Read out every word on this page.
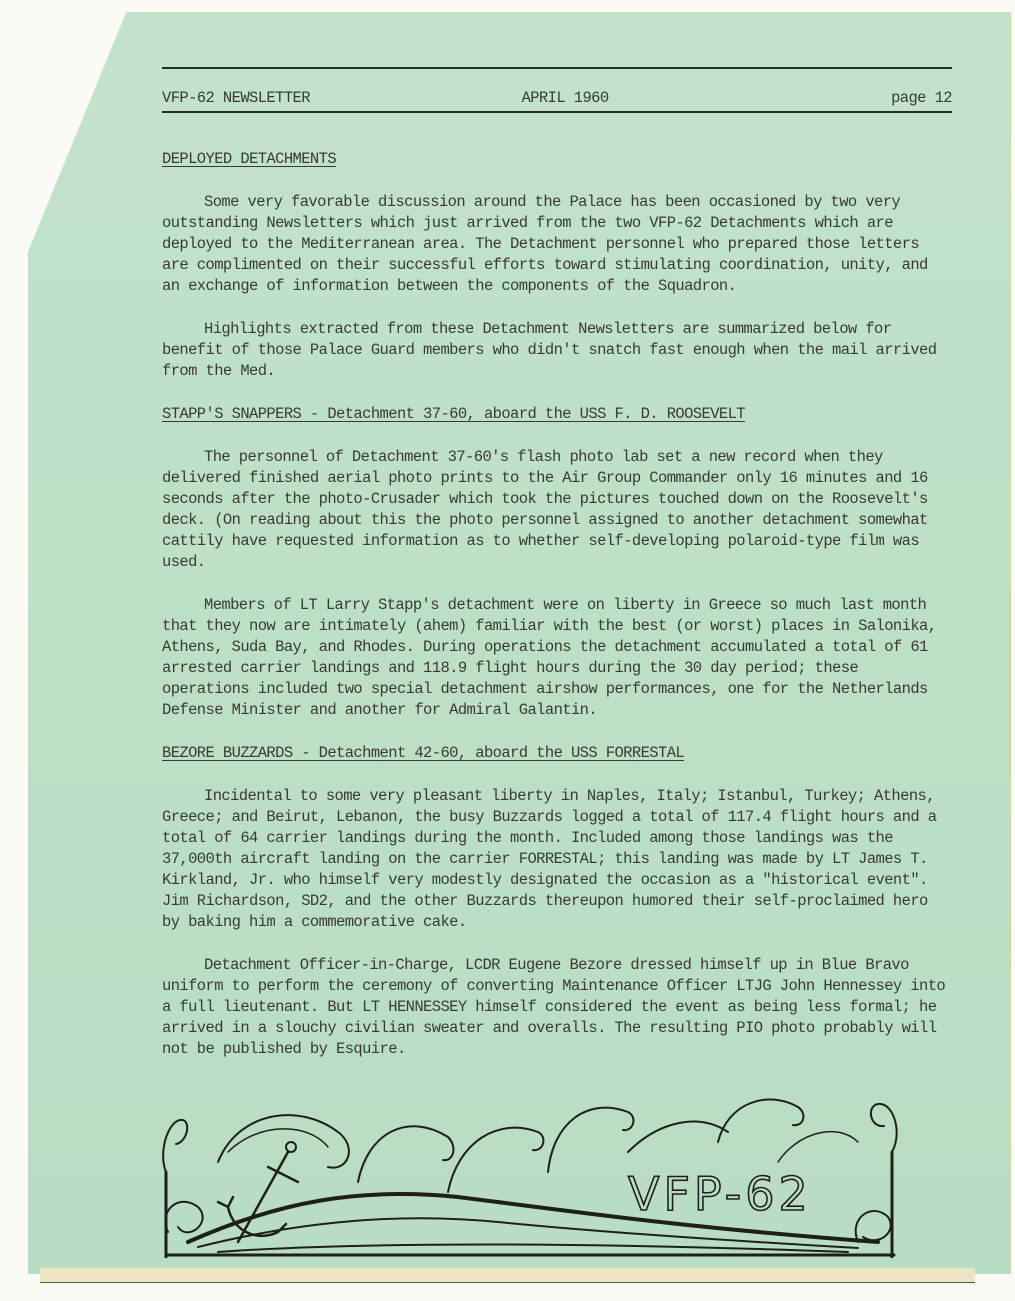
VFP-62 NEWSLETTER	APRIL 1960	page 12

DEPLOYED DETACHMENTS

Some very favorable discussion around the Palace has been occasioned by two very outstanding Newsletters which just arrived from the two VFP-62 Detachments which are deployed to the Mediterranean area. The Detachment personnel who prepared those letters are complimented on their successful efforts toward stimulating coordination, unity, and an exchange of information between the components of the Squadron.

Highlights extracted from these Detachment Newsletters are summarized below for benefit of those Palace Guard members who didn't snatch fast enough when the mail arrived from the Med.

STAPP'S SNAPPERS - Detachment 37-60, aboard the USS F. D. ROOSEVELT

The personnel of Detachment 37-60's flash photo lab set a new record when they delivered finished aerial photo prints to the Air Group Commander only 16 minutes and 16 seconds after the photo-Crusader which took the pictures touched down on the Roosevelt's deck. (On reading about this the photo personnel assigned to another detachment somewhat cattily have requested information as to whether self-developing polaroid-type film was used.

Members of LT Larry Stapp's detachment were on liberty in Greece so much last month that they now are intimately (ahem) familiar with the best (or worst) places in Salonika, Athens, Suda Bay, and Rhodes. During operations the detachment accumulated a total of 61 arrested carrier landings and 118.9 flight hours during the 30 day period; these operations included two special detachment airshow performances, one for the Netherlands Defense Minister and another for Admiral Galantin.

BEZORE BUZZARDS - Detachment 42-60, aboard the USS FORRESTAL

Incidental to some very pleasant liberty in Naples, Italy; Istanbul, Turkey; Athens, Greece; and Beirut, Lebanon, the busy Buzzards logged a total of 117.4 flight hours and a total of 64 carrier landings during the month. Included among those landings was the 37,000th aircraft landing on the carrier FORRESTAL; this landing was made by LT James T. Kirkland, Jr. who himself very modestly designated the occasion as a "historical event". Jim Richardson, SD2, and the other Buzzards thereupon humored their self-proclaimed hero by baking him a commemorative cake.

Detachment Officer-in-Charge, LCDR Eugene Bezore dressed himself up in Blue Bravo uniform to perform the ceremony of converting Maintenance Officer LTJG John Hennessey into a full lieutenant. But LT HENNESSEY himself considered the event as being less formal; he arrived in a slouchy civilian sweater and overalls. The resulting PIO photo probably will not be published by Esquire.

VFP-62
